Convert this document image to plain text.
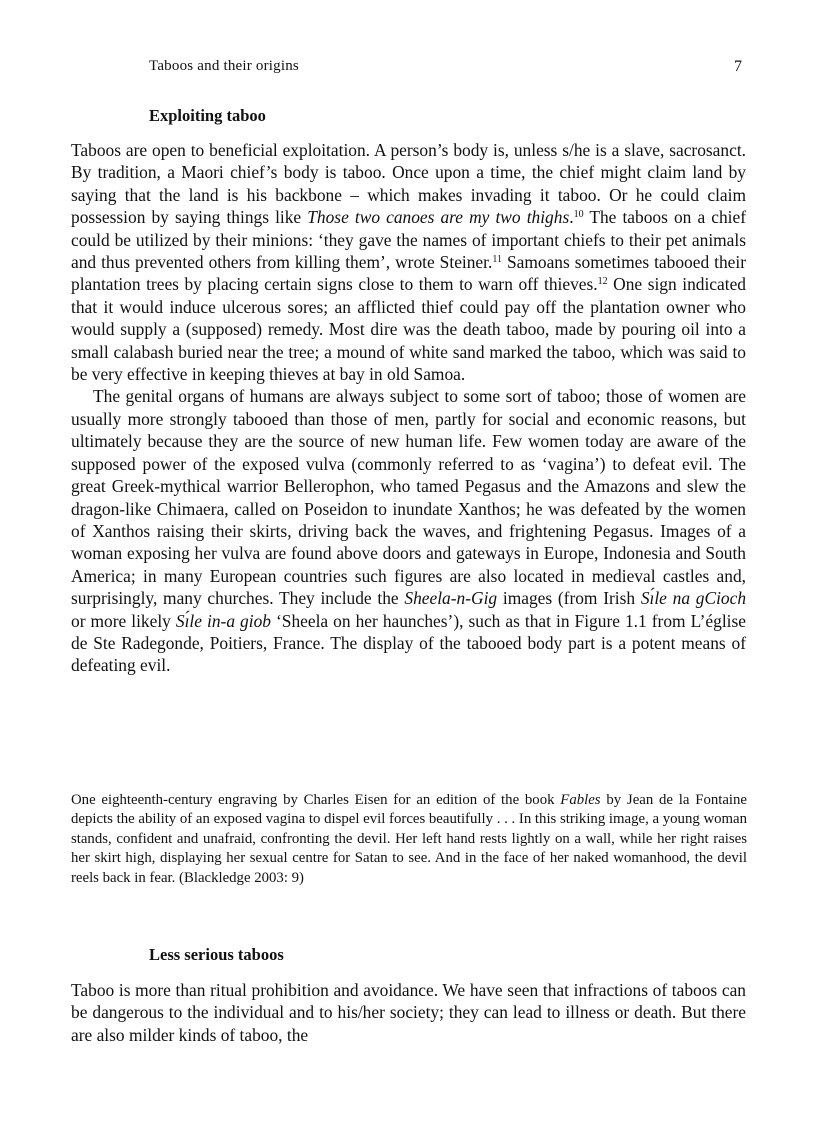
Taboos and their origins	7
Exploiting taboo

Taboos are open to beneficial exploitation. A person’s body is, unless s/he is a slave, sacrosanct. By tradition, a Maori chief’s body is taboo. Once upon a time, the chief might claim land by saying that the land is his backbone – which makes invading it taboo. Or he could claim possession by saying things like Those two canoes are my two thighs.$^{10}$ The taboos on a chief could be utilized by their minions: ‘they gave the names of important chiefs to their pet animals and thus prevented others from killing them’, wrote Steiner.$^{11}$ Samoans sometimes tabooed their plantation trees by placing certain signs close to them to warn off thieves.$^{12}$ One sign indicated that it would induce ulcerous sores; an afflicted thief could pay off the plantation owner who would supply a (supposed) remedy. Most dire was the death taboo, made by pouring oil into a small calabash buried near the tree; a mound of white sand marked the taboo, which was said to be very effective in keeping thieves at bay in old Samoa.

The genital organs of humans are always subject to some sort of taboo; those of women are usually more strongly tabooed than those of men, partly for social and economic reasons, but ultimately because they are the source of new human life. Few women today are aware of the supposed power of the exposed vulva (commonly referred to as ‘vagina’) to defeat evil. The great Greek-mythical warrior Bellerophon, who tamed Pegasus and the Amazons and slew the dragon-like Chimaera, called on Poseidon to inundate Xanthos; he was defeated by the women of Xanthos raising their skirts, driving back the waves, and frightening Pegasus. Images of a woman exposing her vulva are found above doors and gateways in Europe, Indonesia and South America; in many European countries such figures are also located in medieval castles and, surprisingly, many churches. They include the Sheela-n-Gig images (from Irish Sı́le na gCioch or more likely Sı́le in-a giob ‘Sheela on her haunches’), such as that in Figure 1.1 from L’église de Ste Radegonde, Poitiers, France. The display of the tabooed body part is a potent means of defeating evil.

One eighteenth-century engraving by Charles Eisen for an edition of the book Fables by Jean de la Fontaine depicts the ability of an exposed vagina to dispel evil forces beautifully . . . In this striking image, a young woman stands, confident and unafraid, confronting the devil. Her left hand rests lightly on a wall, while her right raises her skirt high, displaying her sexual centre for Satan to see. And in the face of her naked womanhood, the devil reels back in fear. (Blackledge 2003: 9)

Less serious taboos

Taboo is more than ritual prohibition and avoidance. We have seen that infractions of taboos can be dangerous to the individual and to his/her society; they can lead to illness or death. But there are also milder kinds of taboo, the
